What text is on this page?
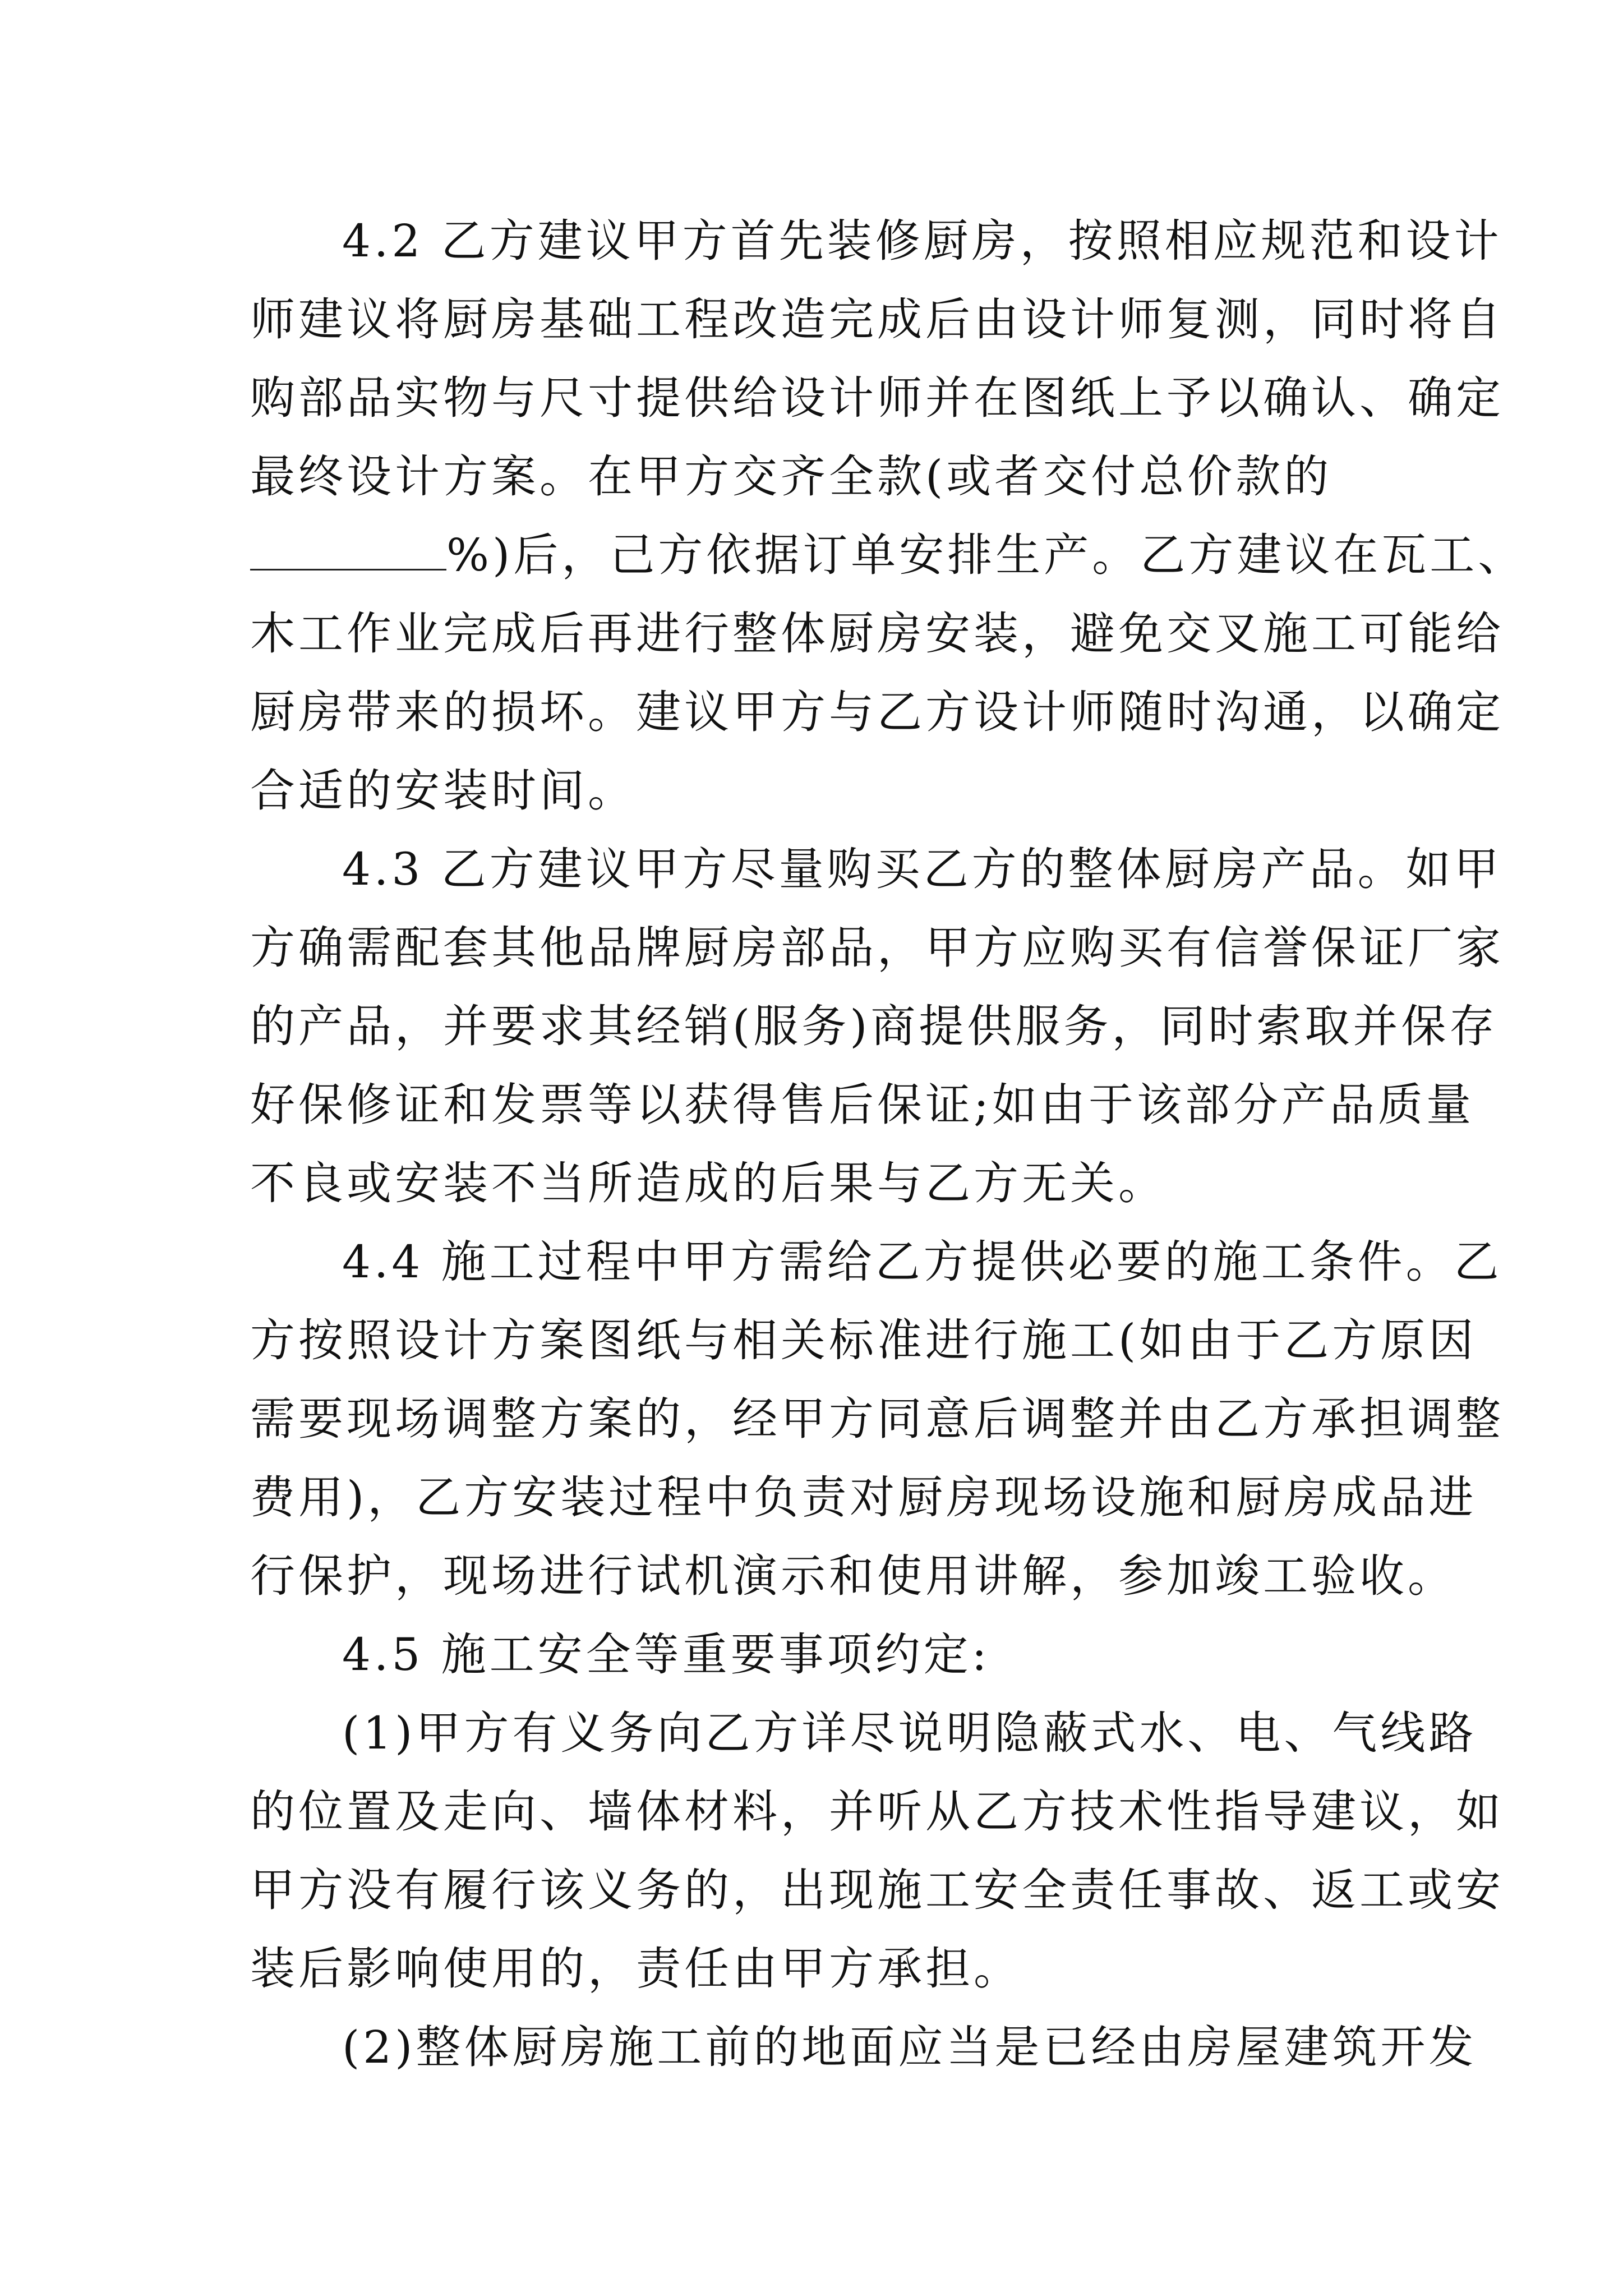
4.2 乙方建议甲方首先装修厨房，按照相应规范和设计

师建议将厨房基础工程改造完成后由设计师复测，同时将自

购部品实物与尺寸提供给设计师并在图纸上予以确认、确定

最终设计方案。在甲方交齐全款(或者交付总价款的

%)后，己方依据订单安排生产。乙方建议在瓦工、

木工作业完成后再进行整体厨房安装，避免交叉施工可能给

厨房带来的损坏。建议甲方与乙方设计师随时沟通，以确定

合适的安装时间。

4.3 乙方建议甲方尽量购买乙方的整体厨房产品。如甲

方确需配套其他品牌厨房部品，甲方应购买有信誉保证厂家

的产品，并要求其经销(服务)商提供服务，同时索取并保存

好保修证和发票等以获得售后保证;如由于该部分产品质量

不良或安装不当所造成的后果与乙方无关。

4.4 施工过程中甲方需给乙方提供必要的施工条件。乙

方按照设计方案图纸与相关标准进行施工(如由于乙方原因

需要现场调整方案的，经甲方同意后调整并由乙方承担调整

费用)，乙方安装过程中负责对厨房现场设施和厨房成品进

行保护，现场进行试机演示和使用讲解，参加竣工验收。

4.5 施工安全等重要事项约定:

(1)甲方有义务向乙方详尽说明隐蔽式水、电、气线路

的位置及走向、墙体材料，并听从乙方技术性指导建议，如

甲方没有履行该义务的，出现施工安全责任事故、返工或安

装后影响使用的，责任由甲方承担。

(2)整体厨房施工前的地面应当是已经由房屋建筑开发
